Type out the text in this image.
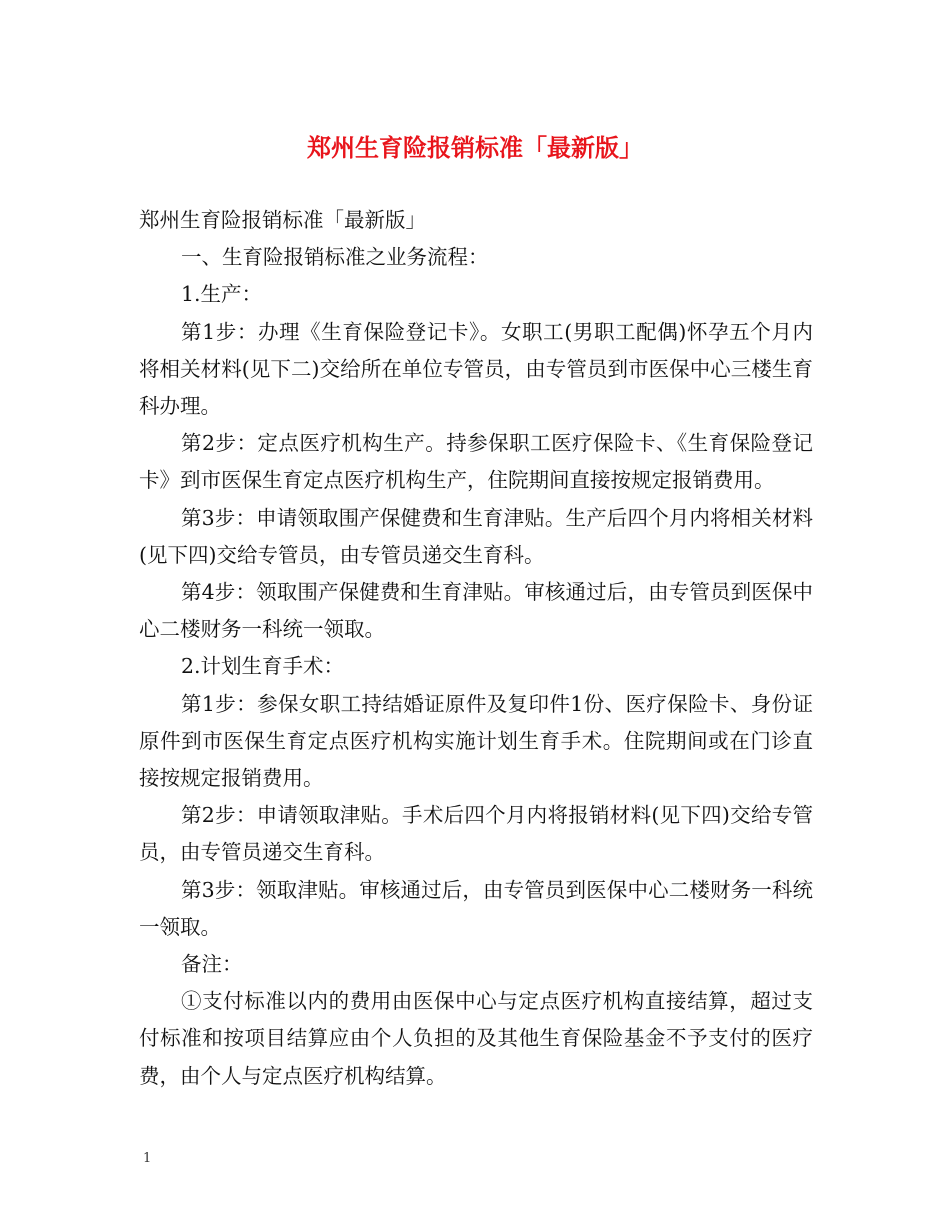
郑州生育险报销标准「最新版」

郑州生育险报销标准「最新版」

一、生育险报销标准之业务流程：

1.生产：

第1步：办理《生育保险登记卡》。女职工(男职工配偶)怀孕五个月内将相关材料(见下二)交给所在单位专管员，由专管员到市医保中心三楼生育科办理。

第2步：定点医疗机构生产。持参保职工医疗保险卡、《生育保险登记卡》到市医保生育定点医疗机构生产，住院期间直接按规定报销费用。

第3步：申请领取围产保健费和生育津贴。生产后四个月内将相关材料(见下四)交给专管员，由专管员递交生育科。

第4步：领取围产保健费和生育津贴。审核通过后，由专管员到医保中心二楼财务一科统一领取。

2.计划生育手术：

第1步：参保女职工持结婚证原件及复印件1份、医疗保险卡、身份证原件到市医保生育定点医疗机构实施计划生育手术。住院期间或在门诊直接按规定报销费用。

第2步：申请领取津贴。手术后四个月内将报销材料(见下四)交给专管员，由专管员递交生育科。

第3步：领取津贴。审核通过后，由专管员到医保中心二楼财务一科统一领取。

备注：

①支付标准以内的费用由医保中心与定点医疗机构直接结算，超过支付标准和按项目结算应由个人负担的及其他生育保险基金不予支付的医疗费，由个人与定点医疗机构结算。

1
